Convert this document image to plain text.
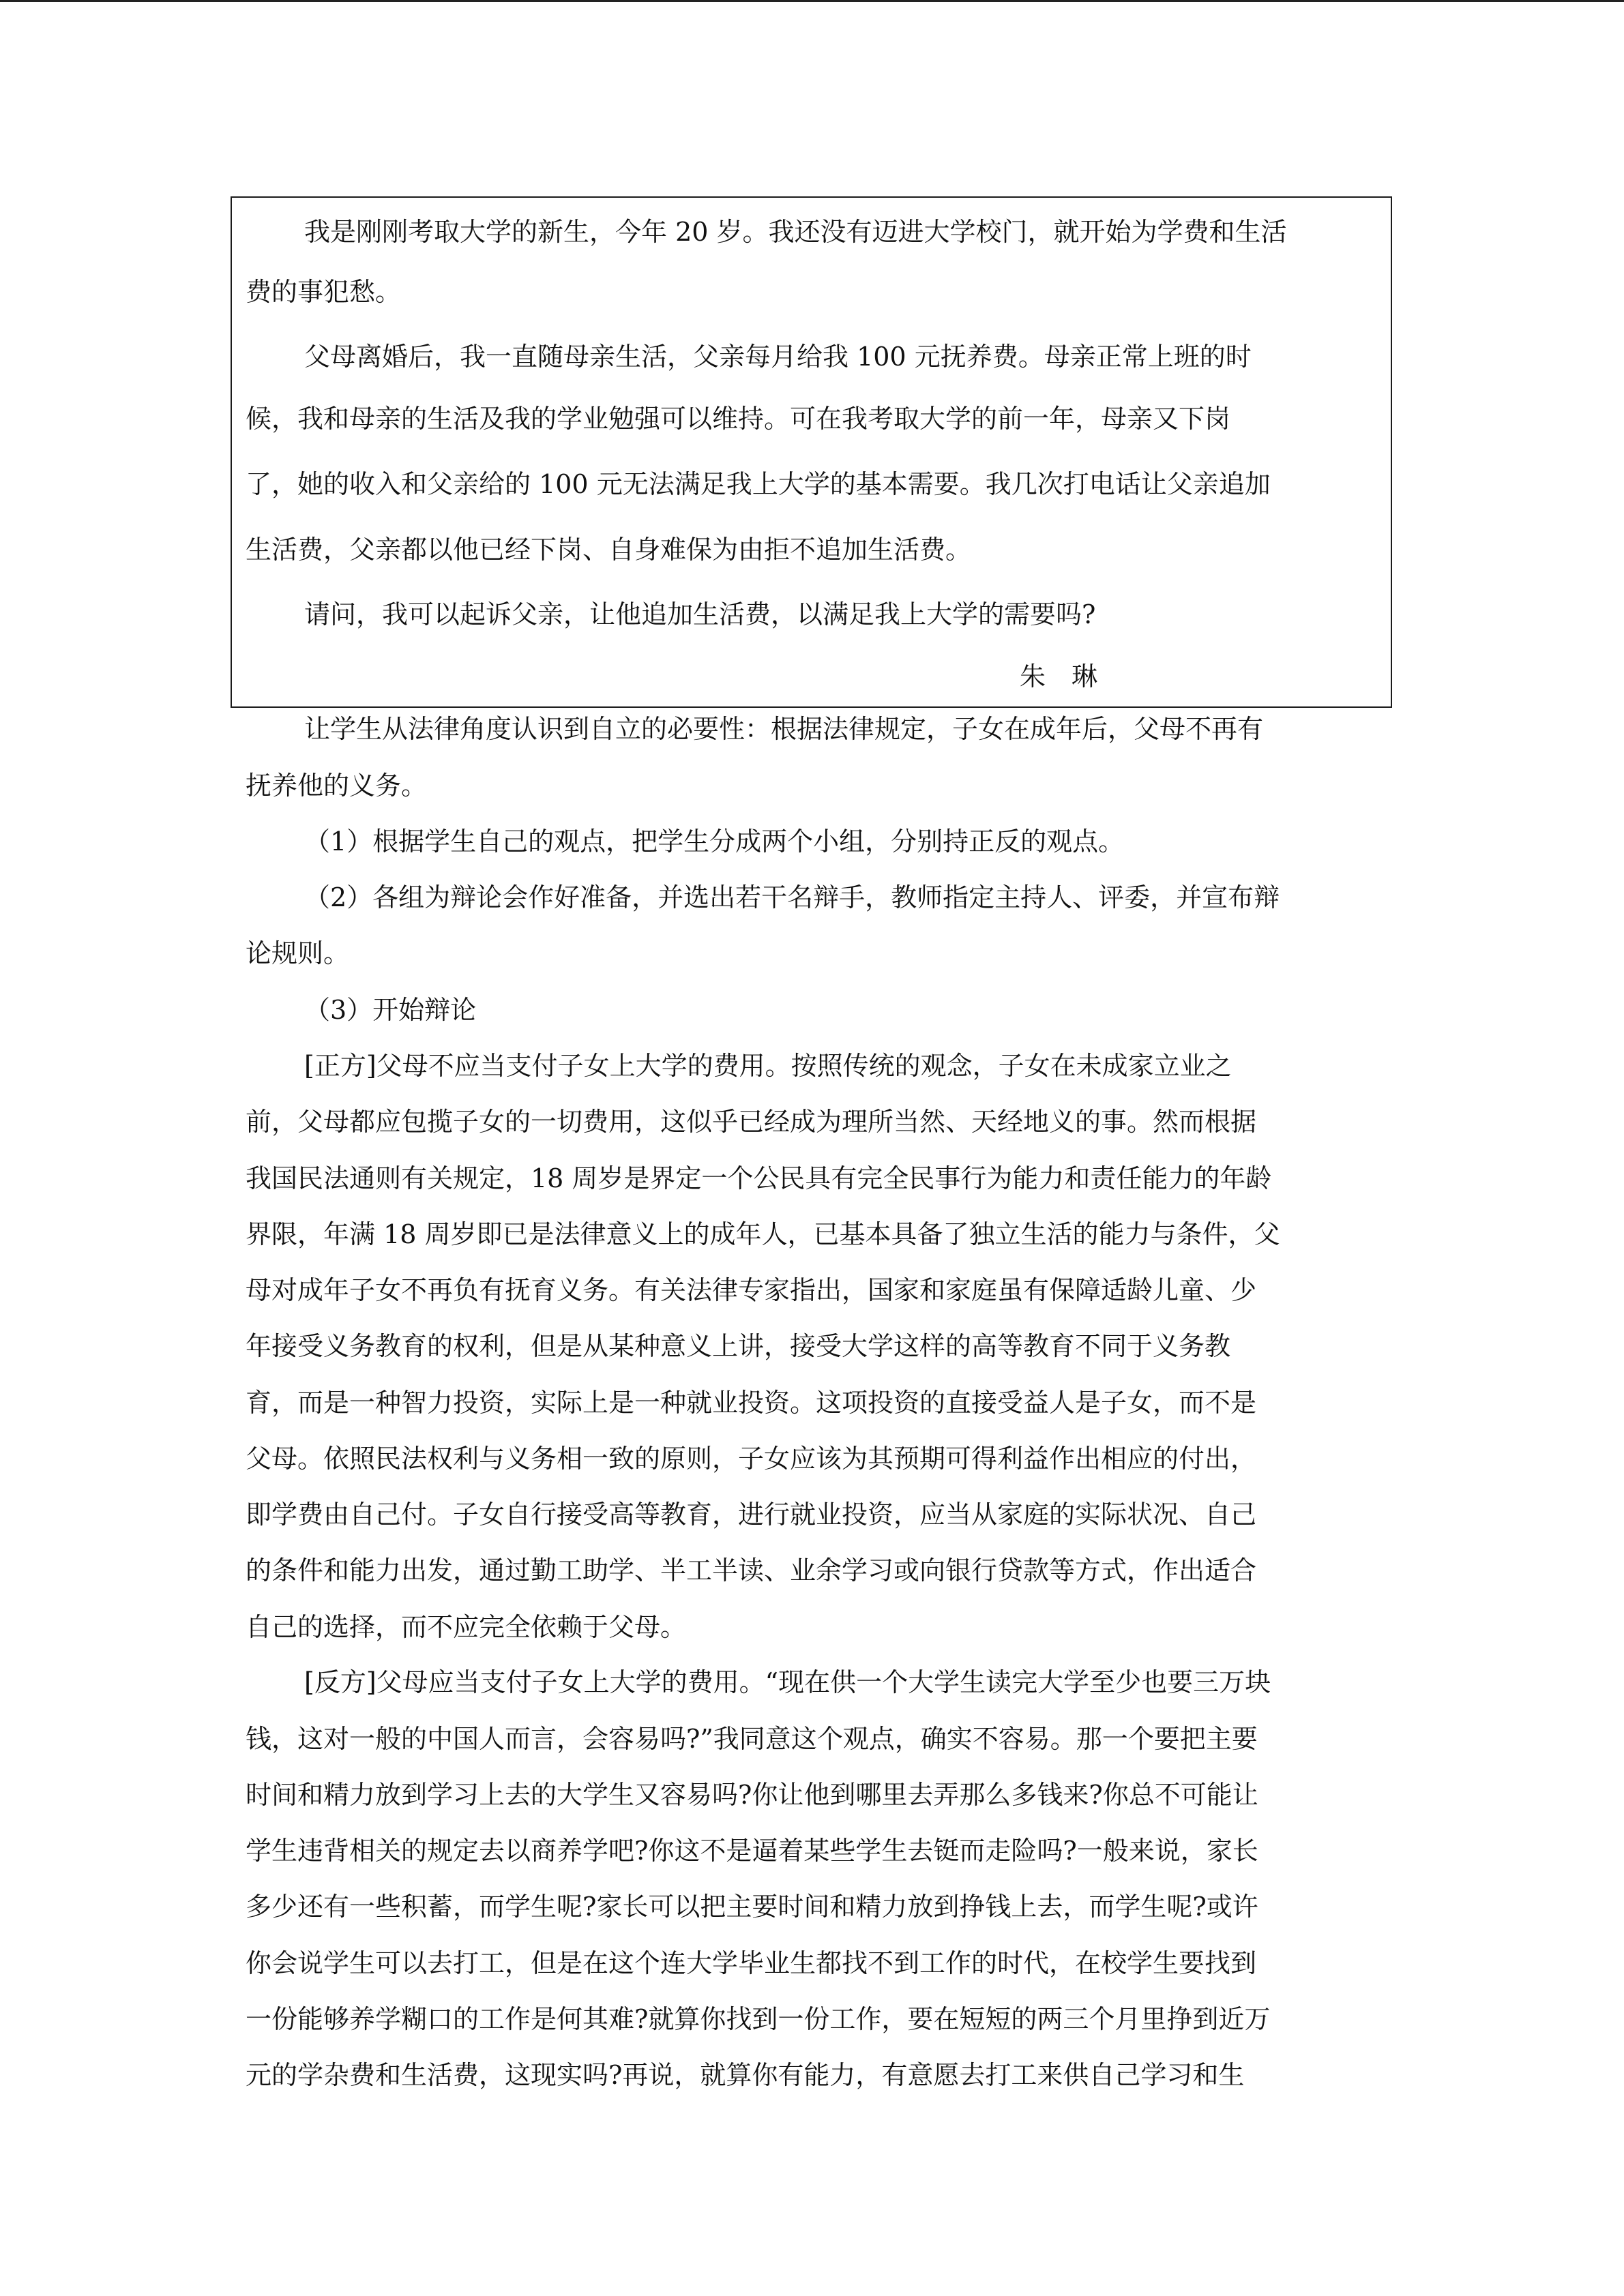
我是刚刚考取大学的新生，今年 20 岁。我还没有迈进大学校门，就开始为学费和生活

费的事犯愁。

父母离婚后，我一直随母亲生活，父亲每月给我 100 元抚养费。母亲正常上班的时

候，我和母亲的生活及我的学业勉强可以维持。可在我考取大学的前一年，母亲又下岗

了，她的收入和父亲给的 100 元无法满足我上大学的基本需要。我几次打电话让父亲追加

生活费，父亲都以他已经下岗、自身难保为由拒不追加生活费。

请问，我可以起诉父亲，让他追加生活费，以满足我上大学的需要吗?

朱　琳

让学生从法律角度认识到自立的必要性：根据法律规定，子女在成年后，父母不再有

抚养他的义务。

（1）根据学生自己的观点，把学生分成两个小组，分别持正反的观点。

（2）各组为辩论会作好准备，并选出若干名辩手，教师指定主持人、评委，并宣布辩

论规则。

（3）开始辩论

[正方]父母不应当支付子女上大学的费用。按照传统的观念，子女在未成家立业之

前，父母都应包揽子女的一切费用，这似乎已经成为理所当然、天经地义的事。然而根据

我国民法通则有关规定，18 周岁是界定一个公民具有完全民事行为能力和责任能力的年龄

界限，年满 18 周岁即已是法律意义上的成年人，已基本具备了独立生活的能力与条件，父

母对成年子女不再负有抚育义务。有关法律专家指出，国家和家庭虽有保障适龄儿童、少

年接受义务教育的权利，但是从某种意义上讲，接受大学这样的高等教育不同于义务教

育，而是一种智力投资，实际上是一种就业投资。这项投资的直接受益人是子女，而不是

父母。依照民法权利与义务相一致的原则，子女应该为其预期可得利益作出相应的付出，

即学费由自己付。子女自行接受高等教育，进行就业投资，应当从家庭的实际状况、自己

的条件和能力出发，通过勤工助学、半工半读、业余学习或向银行贷款等方式，作出适合

自己的选择，而不应完全依赖于父母。

[反方]父母应当支付子女上大学的费用。“现在供一个大学生读完大学至少也要三万块

钱，这对一般的中国人而言，会容易吗?”我同意这个观点，确实不容易。那一个要把主要

时间和精力放到学习上去的大学生又容易吗?你让他到哪里去弄那么多钱来?你总不可能让

学生违背相关的规定去以商养学吧?你这不是逼着某些学生去铤而走险吗?一般来说，家长

多少还有一些积蓄，而学生呢?家长可以把主要时间和精力放到挣钱上去，而学生呢?或许

你会说学生可以去打工，但是在这个连大学毕业生都找不到工作的时代，在校学生要找到

一份能够养学糊口的工作是何其难?就算你找到一份工作，要在短短的两三个月里挣到近万

元的学杂费和生活费，这现实吗?再说，就算你有能力，有意愿去打工来供自己学习和生
